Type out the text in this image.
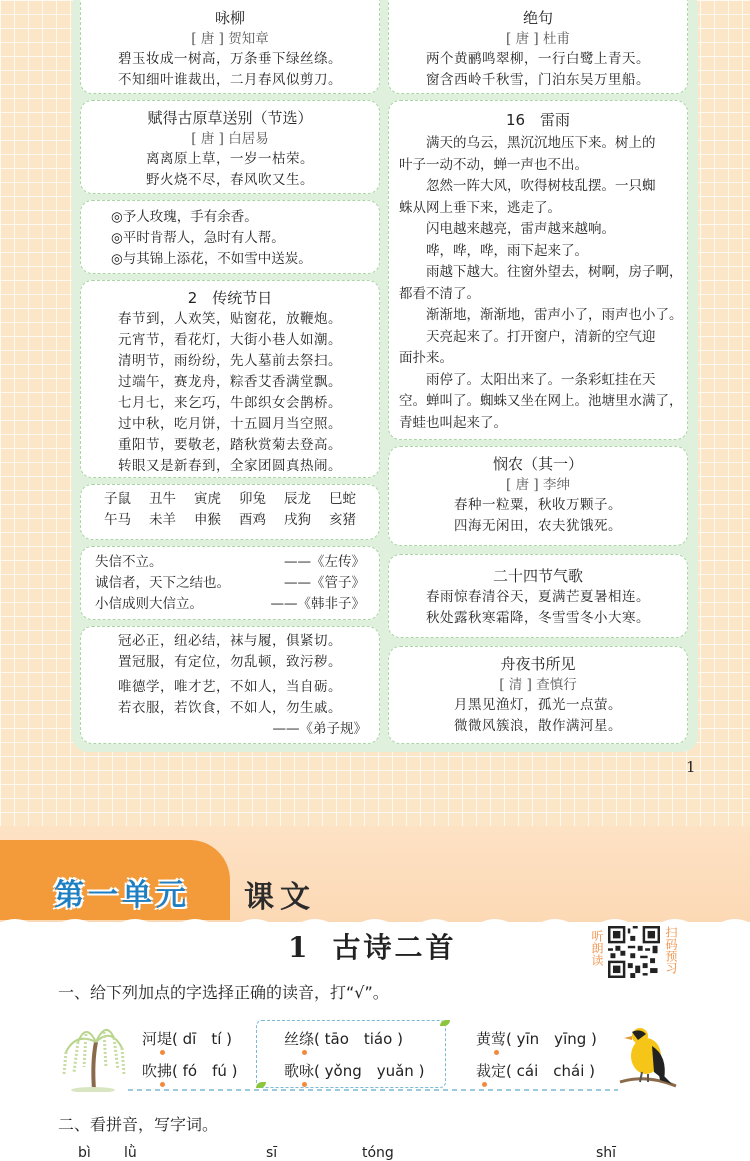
咏柳
[ 唐 ] 贺知章
碧玉妆成一树高，万条垂下绿丝绦。
不知细叶谁裁出，二月春风似剪刀。
赋得古原草送别（节选）
[ 唐 ] 白居易
离离原上草，一岁一枯荣。
野火烧不尽，春风吹又生。
◎予人玫瑰，手有余香。
◎平时肯帮人，急时有人帮。
◎与其锦上添花，不如雪中送炭。
2　传统节日
春节到，人欢笑，贴窗花，放鞭炮。
元宵节，看花灯，大街小巷人如潮。
清明节，雨纷纷，先人墓前去祭扫。
过端午，赛龙舟，粽香艾香满堂飘。
七月七，来乞巧，牛郎织女会鹊桥。
过中秋，吃月饼，十五圆月当空照。
重阳节，要敬老，踏秋赏菊去登高。
转眼又是新春到，全家团圆真热闹。
子鼠 丑牛 寅虎 卯兔 辰龙 巳蛇
午马 未羊 申猴 酉鸡 戌狗 亥猪
失信不立。	——《左传》
诚信者，天下之结也。	——《管子》
小信成则大信立。	——《韩非子》
冠必正，纽必结，袜与履，俱紧切。
置冠服，有定位，勿乱顿，致污秽。
唯德学，唯才艺，不如人，当自砺。
若衣服，若饮食，不如人，勿生戚。
——《弟子规》
绝句
[ 唐 ] 杜甫
两个黄鹂鸣翠柳，一行白鹭上青天。
窗含西岭千秋雪，门泊东吴万里船。
16　雷雨
满天的乌云，黑沉沉地压下来。树上的
叶子一动不动，蝉一声也不出。
忽然一阵大风，吹得树枝乱摆。一只蜘
蛛从网上垂下来，逃走了。
闪电越来越亮，雷声越来越响。
哗，哗，哗，雨下起来了。
雨越下越大。往窗外望去，树啊，房子啊，
都看不清了。
渐渐地，渐渐地，雷声小了，雨声也小了。
天亮起来了。打开窗户，清新的空气迎
面扑来。
雨停了。太阳出来了。一条彩虹挂在天
空。蝉叫了。蜘蛛又坐在网上。池塘里水满了，
青蛙也叫起来了。
悯农（其一）
[ 唐 ] 李绅
春种一粒粟，秋收万颗子。
四海无闲田，农夫犹饿死。
二十四节气歌
春雨惊春清谷天，夏满芒夏暑相连。
秋处露秋寒霜降，冬雪雪冬小大寒。
舟夜书所见
[ 清 ] 查慎行
月黑见渔灯，孤光一点萤。
微微风簇浪，散作满河星。
1
第一单元 课文
1 古诗二首	听朗读	扫码预习
一、给下列加点的字选择正确的读音，打“√”。
河堤( dī　tí )
吹拂( fó　fú )
丝绦( tāo　tiáo )
歌咏( yǒng　yuǎn )
黄莺( yīn　yīng )
裁定( cái　chái )
二、看拼音，写字词。
bì lǜ	sī	tóng	shī
